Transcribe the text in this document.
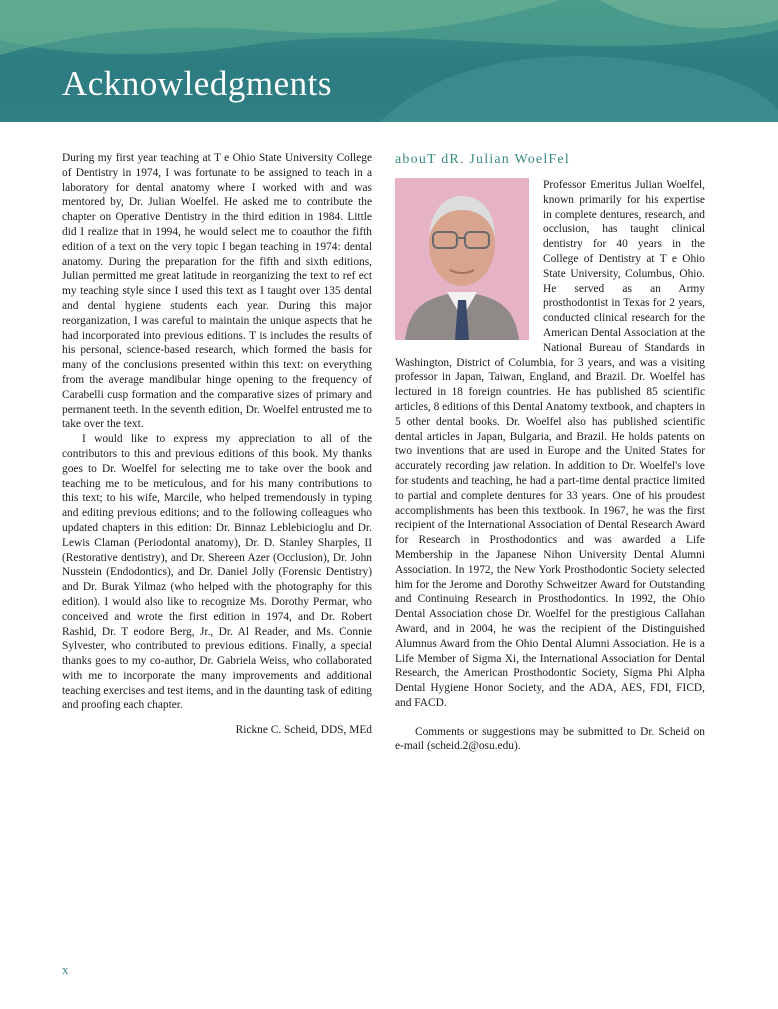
Acknowledgments

During my first year teaching at T e Ohio State University College of Dentistry in 1974, I was fortunate to be assigned to teach in a laboratory for dental anatomy where I worked with and was mentored by, Dr. Julian Woelfel. He asked me to contribute the chapter on Operative Dentistry in the third edition in 1984. Little did I realize that in 1994, he would select me to coauthor the fifth edition of a text on the very topic I began teaching in 1974: dental anatomy. During the preparation for the fifth and sixth editions, Julian permitted me great latitude in reorganizing the text to ref ect my teaching style since I used this text as I taught over 135 dental and dental hygiene students each year. During this major reorganization, I was careful to maintain the unique aspects that he had incorporated into previous editions. T is includes the results of his personal, science-based research, which formed the basis for many of the conclusions presented within this text: on everything from the average mandibular hinge opening to the frequency of Carabelli cusp formation and the comparative sizes of primary and permanent teeth. In the seventh edition, Dr. Woelfel entrusted me to take over the text.

I would like to express my appreciation to all of the contributors to this and previous editions of this book. My thanks goes to Dr. Woelfel for selecting me to take over the book and teaching me to be meticulous, and for his many contributions to this text; to his wife, Marcile, who helped tremendously in typing and editing previous editions; and to the following colleagues who updated chapters in this edition: Dr. Binnaz Leblebicioglu and Dr. Lewis Claman (Periodontal anatomy), Dr. D. Stanley Sharples, II (Restorative dentistry), and Dr. Shereen Azer (Occlusion), Dr. John Nusstein (Endodontics), and Dr. Daniel Jolly (Forensic Dentistry) and Dr. Burak Yilmaz (who helped with the photography for this edition). I would also like to recognize Ms. Dorothy Permar, who conceived and wrote the first edition in 1974, and Dr. Robert Rashid, Dr. T eodore Berg, Jr., Dr. Al Reader, and Ms. Connie Sylvester, who contributed to previous editions. Finally, a special thanks goes to my co-author, Dr. Gabriela Weiss, who collaborated with me to incorporate the many improvements and additional teaching exercises and test items, and in the daunting task of editing and proofing each chapter.

Rickne C. Scheid, DDS, MEd

abouT dR. Julian WoelFel

Professor Emeritus Julian Woelfel, known primarily for his expertise in complete dentures, research, and occlusion, has taught clinical dentistry for 40 years in the College of Dentistry at T e Ohio State University, Columbus, Ohio. He served as an Army prosthodontist in Texas for 2 years, conducted clinical research for the American Dental Association at the National Bureau of Standards in Washington, District of Columbia, for 3 years, and was a visiting professor in Japan, Taiwan, England, and Brazil. Dr. Woelfel has lectured in 18 foreign countries. He has published 85 scientific articles, 8 editions of this Dental Anatomy textbook, and chapters in 5 other dental books. Dr. Woelfel also has published scientific dental articles in Japan, Bulgaria, and Brazil. He holds patents on two inventions that are used in Europe and the United States for accurately recording jaw relation. In addition to Dr. Woelfel's love for students and teaching, he had a part-time dental practice limited to partial and complete dentures for 33 years. One of his proudest accomplishments has been this textbook. In 1967, he was the first recipient of the International Association of Dental Research Award for Research in Prosthodontics and was awarded a Life Membership in the Japanese Nihon University Dental Alumni Association. In 1972, the New York Prosthodontic Society selected him for the Jerome and Dorothy Schweitzer Award for Outstanding and Continuing Research in Prosthodontics. In 1992, the Ohio Dental Association chose Dr. Woelfel for the prestigious Callahan Award, and in 2004, he was the recipient of the Distinguished Alumnus Award from the Ohio Dental Alumni Association. He is a Life Member of Sigma Xi, the International Association for Dental Research, the American Prosthodontic Society, Sigma Phi Alpha Dental Hygiene Honor Society, and the ADA, AES, FDI, FICD, and FACD.

Comments or suggestions may be submitted to Dr. Scheid on e-mail (scheid.2@osu.edu).

x
